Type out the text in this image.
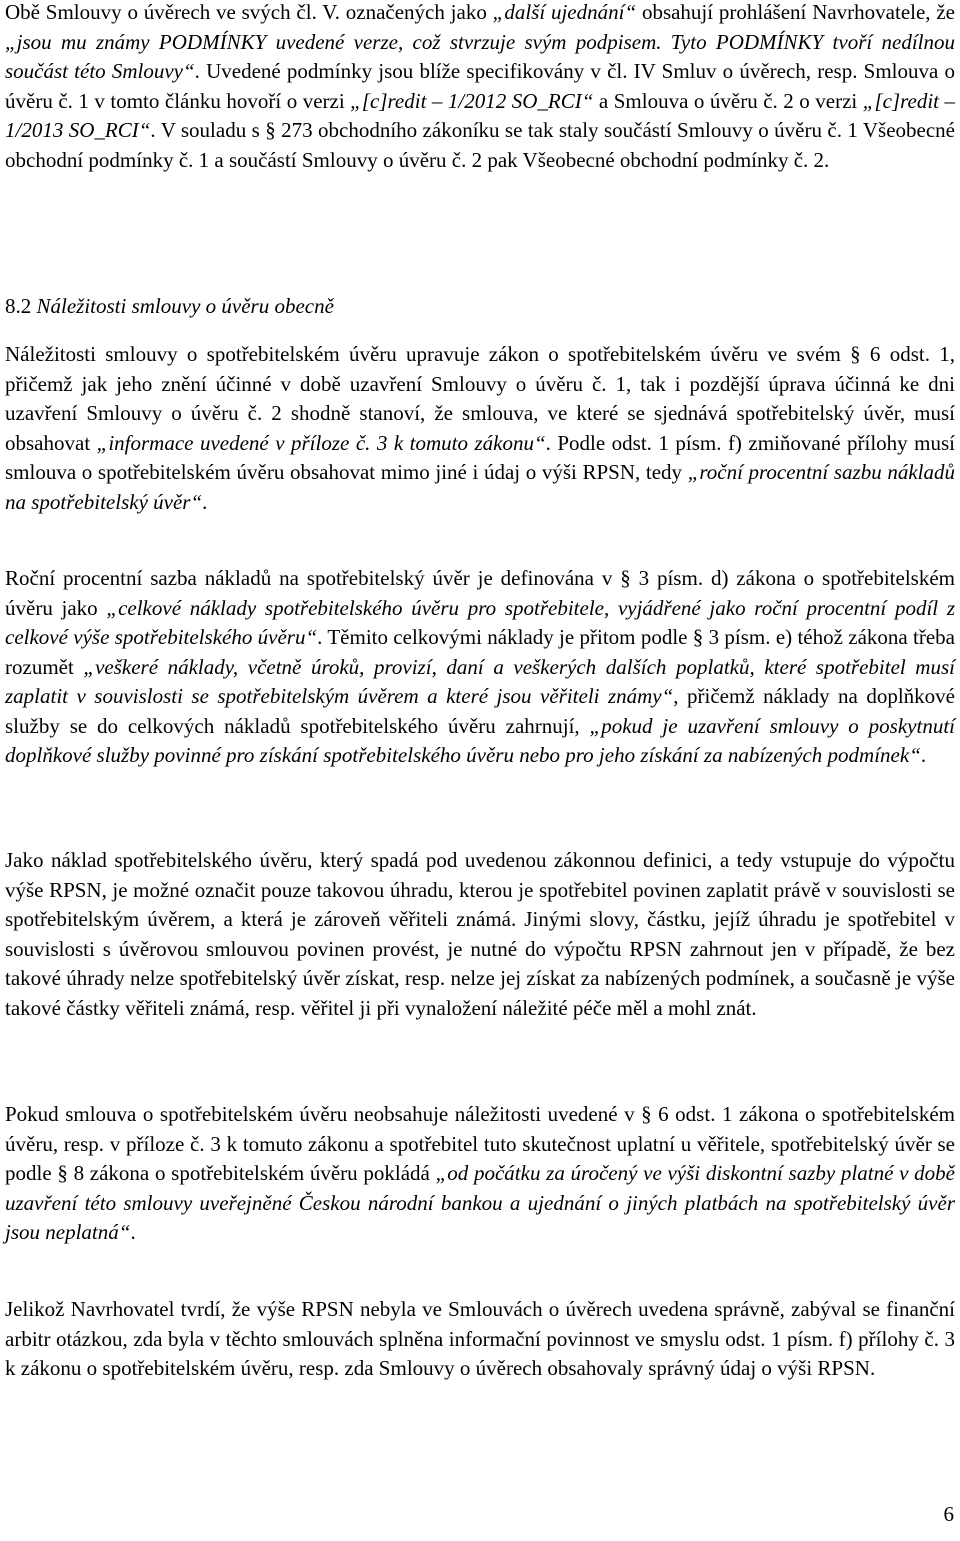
Obě Smlouvy o úvěrech ve svých čl. V. označených jako „další ujednání“ obsahují prohlášení Navrhovatele, že „jsou mu známy PODMÍNKY uvedené verze, což stvrzuje svým podpisem. Tyto PODMÍNKY tvoří nedílnou součást této Smlouvy“. Uvedené podmínky jsou blíže specifikovány v čl. IV Smluv o úvěrech, resp. Smlouva o úvěru č. 1 v tomto článku hovoří o verzi „[c]redit – 1/2012 SO_RCI“ a Smlouva o úvěru č. 2 o verzi „[c]redit – 1/2013 SO_RCI“. V souladu s § 273 obchodního zákoníku se tak staly součástí Smlouvy o úvěru č. 1 Všeobecné obchodní podmínky č. 1 a součástí Smlouvy o úvěru č. 2 pak Všeobecné obchodní podmínky č. 2.

8.2 Náležitosti smlouvy o úvěru obecně

Náležitosti smlouvy o spotřebitelském úvěru upravuje zákon o spotřebitelském úvěru ve svém § 6 odst. 1, přičemž jak jeho znění účinné v době uzavření Smlouvy o úvěru č. 1, tak i pozdější úprava účinná ke dni uzavření Smlouvy o úvěru č. 2 shodně stanoví, že smlouva, ve které se sjednává spotřebitelský úvěr, musí obsahovat „informace uvedené v příloze č. 3 k tomuto zákonu“. Podle odst. 1 písm. f) zmiňované přílohy musí smlouva o spotřebitelském úvěru obsahovat mimo jiné i údaj o výši RPSN, tedy „roční procentní sazbu nákladů na spotřebitelský úvěr“.

Roční procentní sazba nákladů na spotřebitelský úvěr je definována v § 3 písm. d) zákona o spotřebitelském úvěru jako „celkové náklady spotřebitelského úvěru pro spotřebitele, vyjádřené jako roční procentní podíl z celkové výše spotřebitelského úvěru“. Těmito celkovými náklady je přitom podle § 3 písm. e) téhož zákona třeba rozumět „veškeré náklady, včetně úroků, provizí, daní a veškerých dalších poplatků, které spotřebitel musí zaplatit v souvislosti se spotřebitelským úvěrem a které jsou věřiteli známy“, přičemž náklady na doplňkové služby se do celkových nákladů spotřebitelského úvěru zahrnují, „pokud je uzavření smlouvy o poskytnutí doplňkové služby povinné pro získání spotřebitelského úvěru nebo pro jeho získání za nabízených podmínek“.

Jako náklad spotřebitelského úvěru, který spadá pod uvedenou zákonnou definici, a tedy vstupuje do výpočtu výše RPSN, je možné označit pouze takovou úhradu, kterou je spotřebitel povinen zaplatit právě v souvislosti se spotřebitelským úvěrem, a která je zároveň věřiteli známá. Jinými slovy, částku, jejíž úhradu je spotřebitel v souvislosti s úvěrovou smlouvou povinen provést, je nutné do výpočtu RPSN zahrnout jen v případě, že bez takové úhrady nelze spotřebitelský úvěr získat, resp. nelze jej získat za nabízených podmínek, a současně je výše takové částky věřiteli známá, resp. věřitel ji při vynaložení náležité péče měl a mohl znát.

Pokud smlouva o spotřebitelském úvěru neobsahuje náležitosti uvedené v § 6 odst. 1 zákona o spotřebitelském úvěru, resp. v příloze č. 3 k tomuto zákonu a spotřebitel tuto skutečnost uplatní u věřitele, spotřebitelský úvěr se podle § 8 zákona o spotřebitelském úvěru pokládá „od počátku za úročený ve výši diskontní sazby platné v době uzavření této smlouvy uveřejněné Českou národní bankou a ujednání o jiných platbách na spotřebitelský úvěr jsou neplatná“.

Jelikož Navrhovatel tvrdí, že výše RPSN nebyla ve Smlouvách o úvěrech uvedena správně, zabýval se finanční arbitr otázkou, zda byla v těchto smlouvách splněna informační povinnost ve smyslu odst. 1 písm. f) přílohy č. 3 k zákonu o spotřebitelském úvěru, resp. zda Smlouvy o úvěrech obsahovaly správný údaj o výši RPSN.

6
